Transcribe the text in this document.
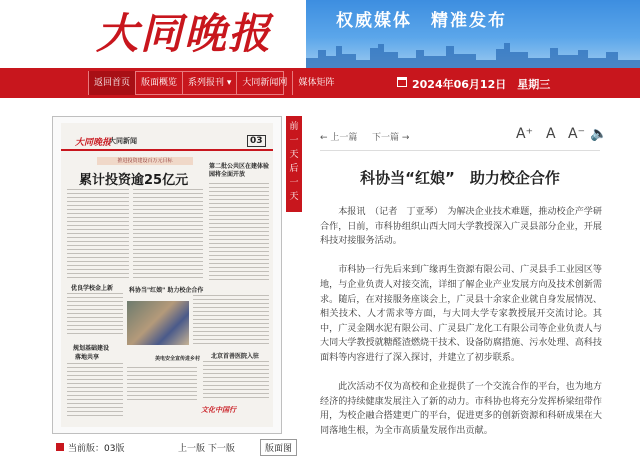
大同晚报	权威媒体　精准发布
返回首页	版面概览	系列报刊 ▾	大同新闻网	媒体矩阵	2024年06月12日　星期三
大同晚报
大同新闻	03
推进投资建设百万元目标
累计投资逾25亿元
第二批公共区在建体验园将全面开放
优良学校金上新	科协当"红娘" 助力校企合作
美电安全宣传进乡村
规划基础建设
落地共享	北京首善医院入驻
文化中国行
前
一
天
后
一
天
当前版：03版	上一版 下一版	版面图
← 上一篇 下一篇 →	A⁺ A A⁻ 🔈
科协当“红娘”　助力校企合作

本报讯　（记者　丁亚琴）　为解决企业技术难题，推动校企产学研合作，日前，市科协组织山西大同大学教授深入广灵县部分企业，开展科技对接服务活动。

市科协一行先后来到广缘再生资源有限公司、广灵县手工业园区等地，与企业负责人对接交流，详细了解企业产业发展方向及技术创新需求。随后，在对接服务座谈会上，广灵县十余家企业就自身发展情况、相关技术、人才需求等方面，与大同大学专家教授展开交流讨论。其中，广灵金隅水泥有限公司、广灵县广龙化工有限公司等企业负责人与大同大学教授就糖醛渣燃烧干技术、设备防腐措施、污水处理、高科技面料等内容进行了深入探讨，并建立了初步联系。

此次活动不仅为高校和企业提供了一个交流合作的平台，也为地方经济的持续健康发展注入了新的动力。市科协也将充分发挥桥梁纽带作用，为校企融合搭建更广的平台，促进更多的创新资源和科研成果在大同落地生根，为全市高质量发展作出贡献。
